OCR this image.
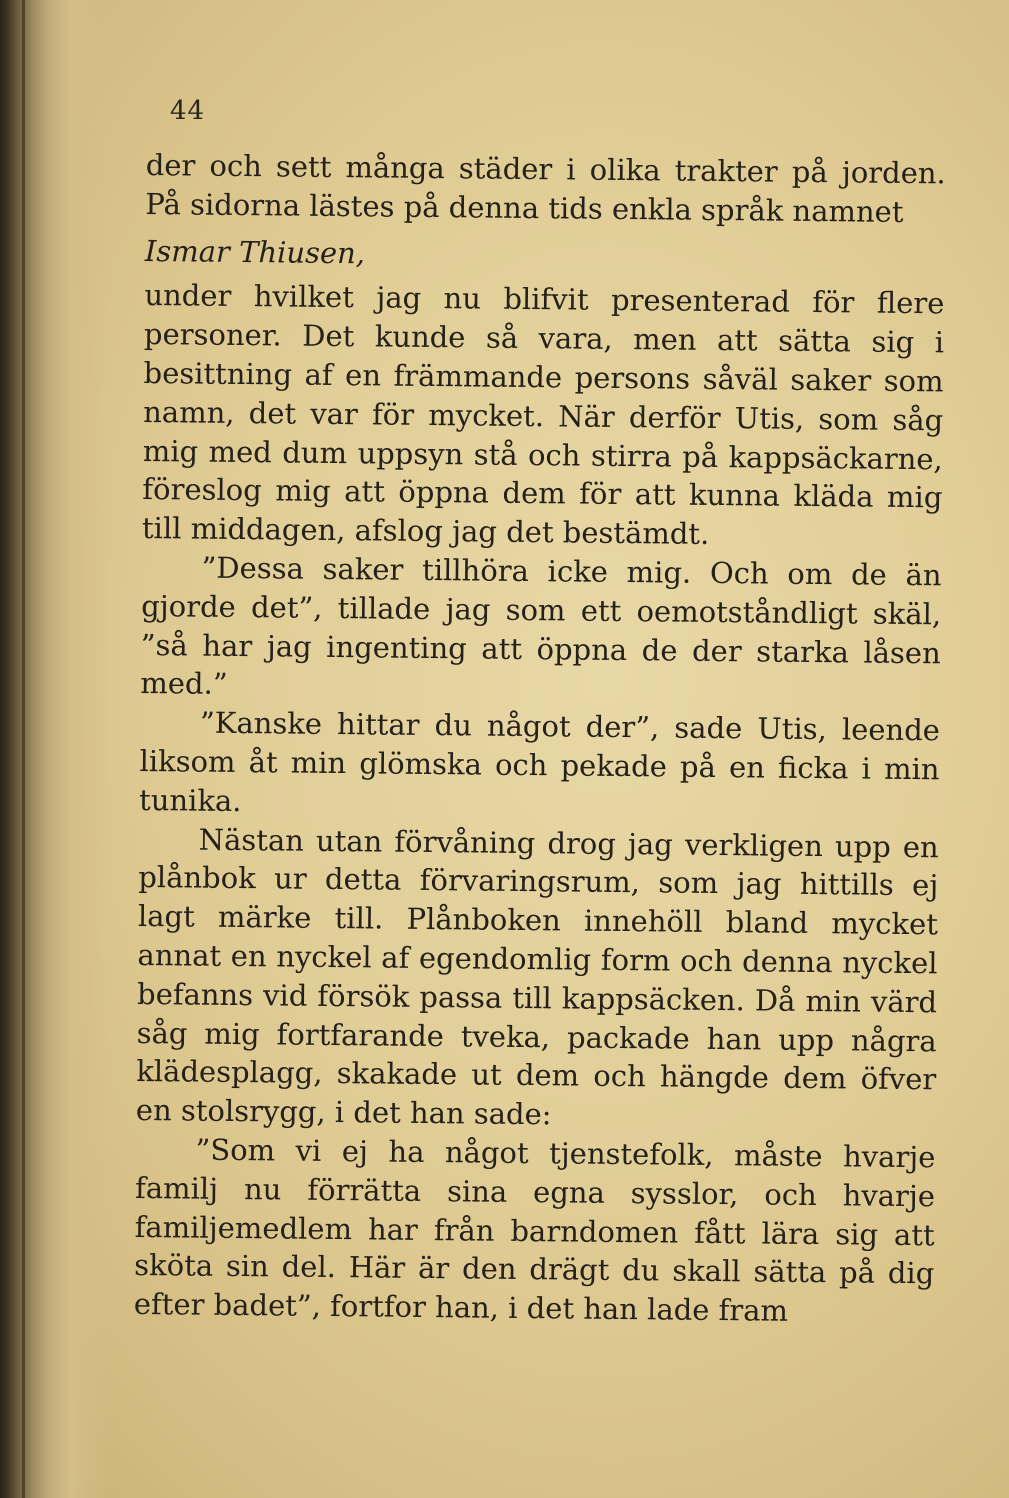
44

der och sett många städer i olika trakter på jorden. På sidorna lästes på denna tids enkla språk namnet

Ismar Thiusen,

under hvilket jag nu blifvit presenterad för flere personer. Det kunde så vara, men att sätta sig i besittning af en främmande persons såväl saker som namn, det var för mycket. När derför Utis, som såg mig med dum uppsyn stå och stirra på kappsäckarne, föreslog mig att öppna dem för att kunna kläda mig till middagen, afslog jag det bestämdt.

”Dessa saker tillhöra icke mig. Och om de än gjorde det”, tillade jag som ett oemotståndligt skäl, ”så har jag ingenting att öppna de der starka låsen med.”

”Kanske hittar du något der”, sade Utis, leende liksom åt min glömska och pekade på en ficka i min tunika.

Nästan utan förvåning drog jag verkligen upp en plånbok ur detta förvaringsrum, som jag hittills ej lagt märke till. Plånboken innehöll bland mycket annat en nyckel af egendomlig form och denna nyckel befanns vid försök passa till kappsäcken. Då min värd såg mig fortfarande tveka, packade han upp några klädesplagg, skakade ut dem och hängde dem öfver en stolsrygg, i det han sade:

”Som vi ej ha något tjenstefolk, måste hvarje familj nu förrätta sina egna sysslor, och hvarje familjemedlem har från barndomen fått lära sig att sköta sin del. Här är den drägt du skall sätta på dig efter badet”, fortfor han, i det han lade fram
